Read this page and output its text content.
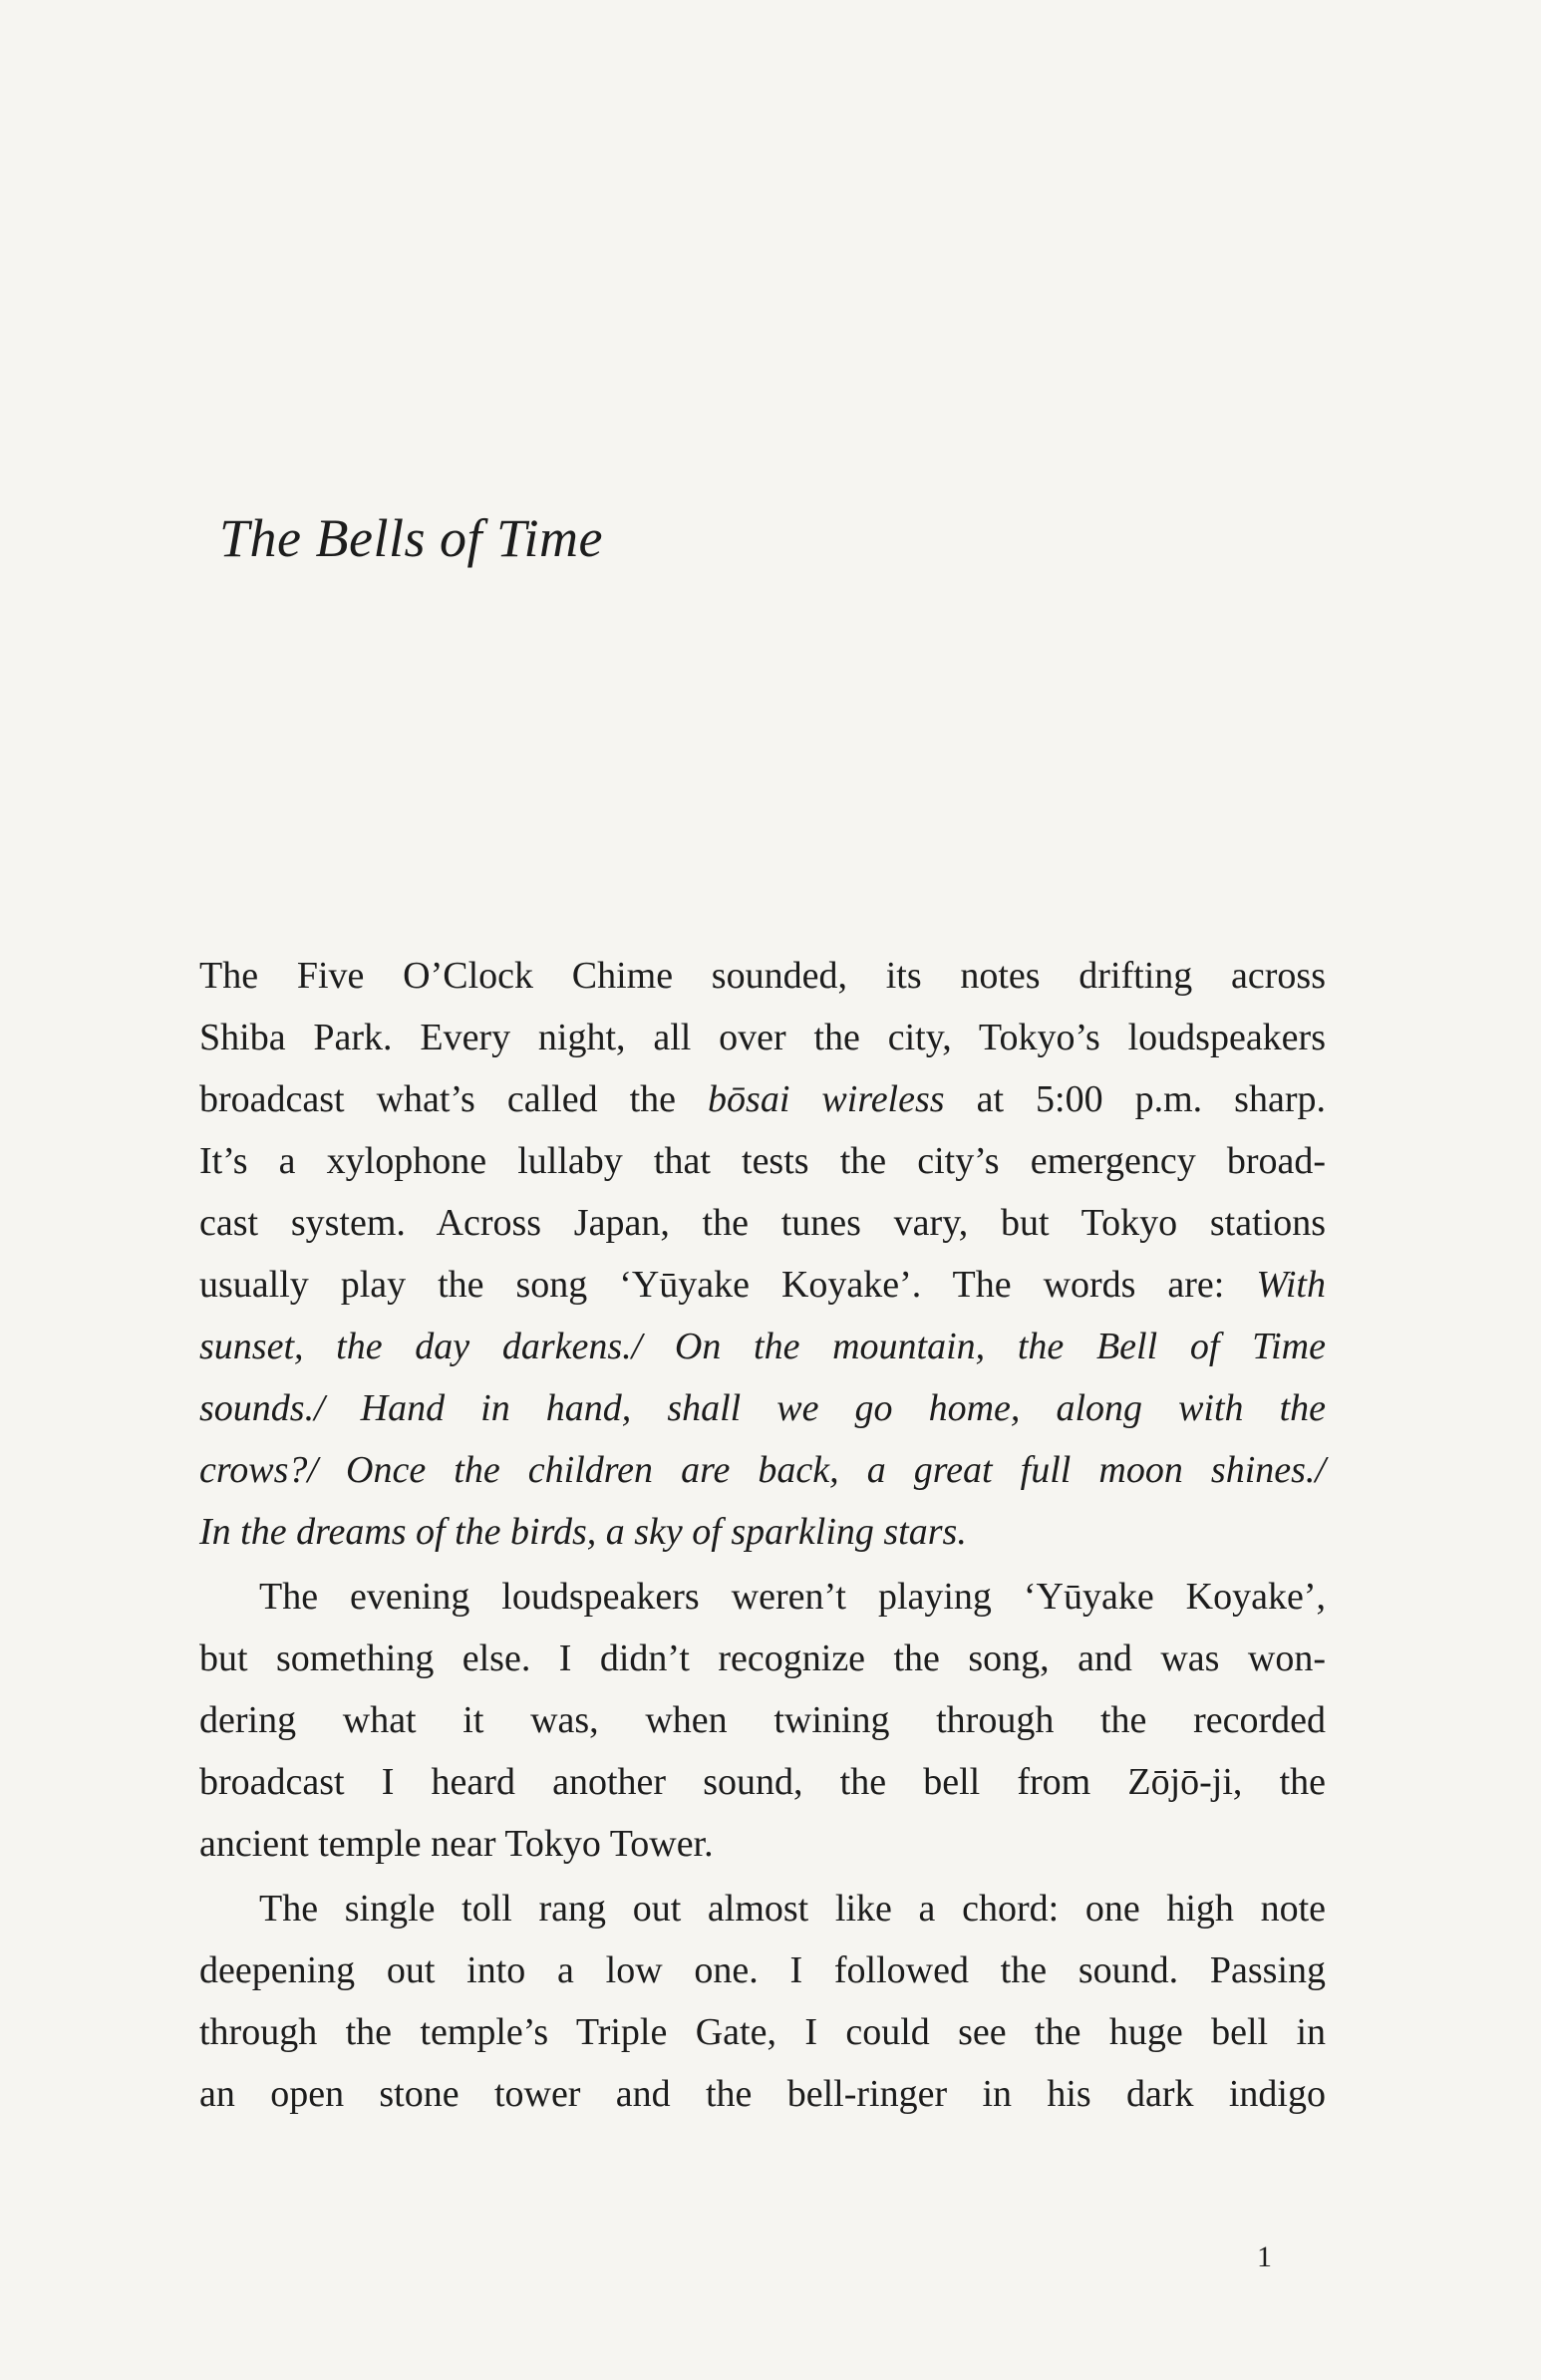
The Bells of Time
The Five O’Clock Chime sounded, its notes drifting across
Shiba Park. Every night, all over the city, Tokyo’s loudspeakers
broadcast what’s called the bōsai wireless at 5:00 p.m. sharp.
It’s a xylophone lullaby that tests the city’s emergency broad-
cast system. Across Japan, the tunes vary, but Tokyo stations
usually play the song ‘Yūyake Koyake’. The words are: With
sunset, the day darkens./ On the mountain, the Bell of Time
sounds./ Hand in hand, shall we go home, along with the
crows?/ Once the children are back, a great full moon shines./
In the dreams of the birds, a sky of sparkling stars.
The evening loudspeakers weren’t playing ‘Yūyake Koyake’,
but something else. I didn’t recognize the song, and was won-
dering what it was, when twining through the recorded
broadcast I heard another sound, the bell from Zōjō-ji, the
ancient temple near Tokyo Tower.
The single toll rang out almost like a chord: one high note
deepening out into a low one. I followed the sound. Passing
through the temple’s Triple Gate, I could see the huge bell in
an open stone tower and the bell-ringer in his dark indigo

1
